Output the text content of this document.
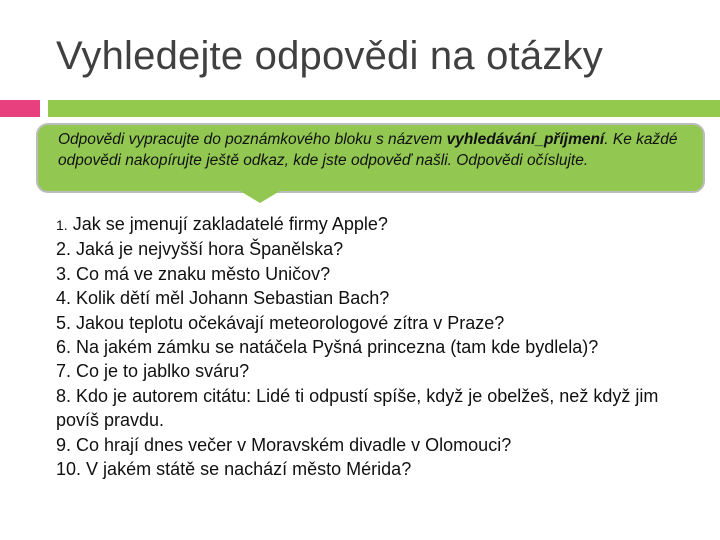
Vyhledejte odpovědi na otázky
Odpovědi vypracujte do poznámkového bloku s názvem vyhledávání_příjmení. Ke každé odpovědi nakopírujte ještě odkaz, kde jste odpověď našli. Odpovědi očíslujte.
1. Jak se jmenují zakladatelé firmy Apple?
2. Jaká je nejvyšší hora Španělska?
3. Co má ve znaku město Uničov?
4. Kolik dětí měl Johann Sebastian Bach?
5. Jakou teplotu očekávají meteorologové zítra v Praze?
6. Na jakém zámku se natáčela Pyšná princezna (tam kde bydlela)?
7. Co je to jablko sváru?
8. Kdo je autorem citátu: Lidé ti odpustí spíše, když je obelžeš, než když jim povíš pravdu.
9. Co hrají dnes večer v Moravském divadle v Olomouci?
10. V jakém státě se nachází město Mérida?
